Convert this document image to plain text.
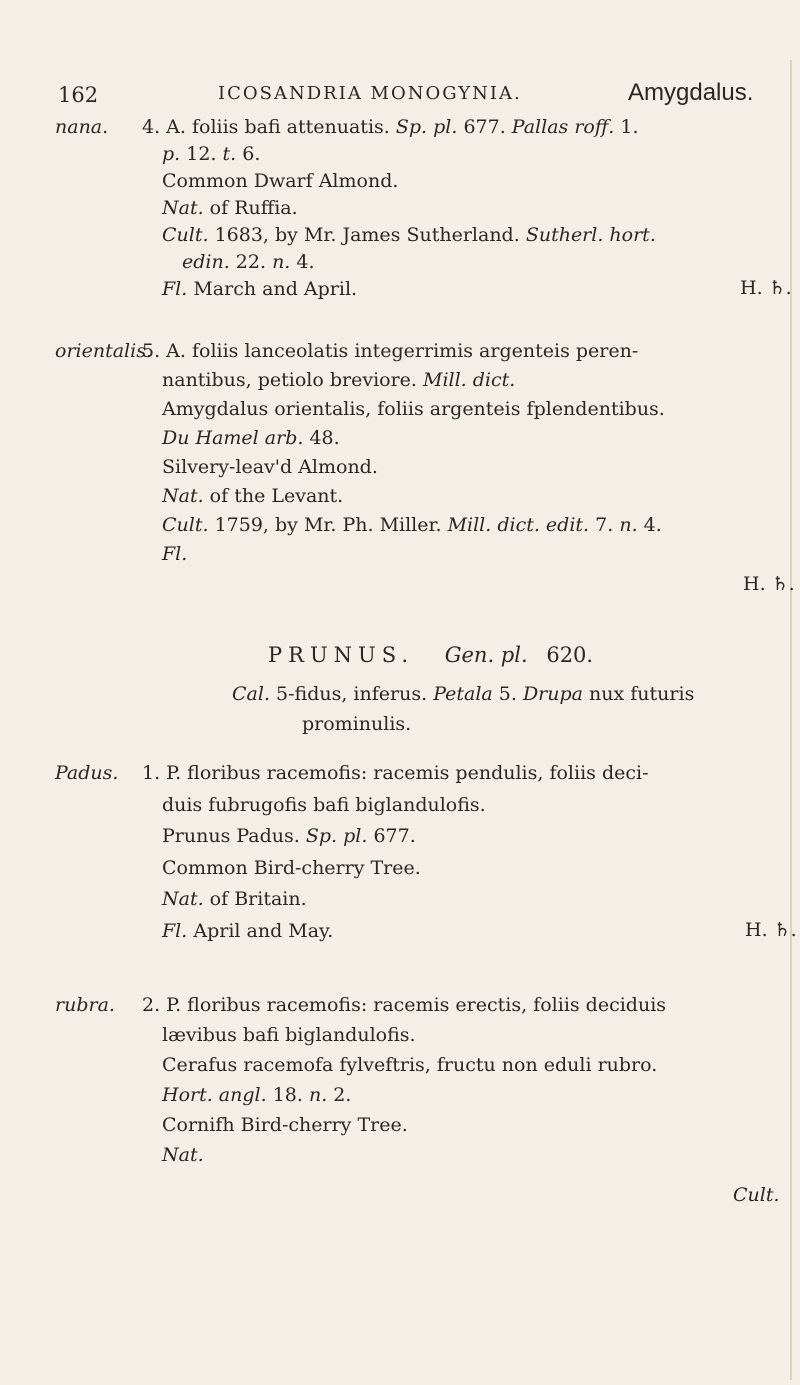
162	ICOSANDRIA MONOGYNIA.	Amygdalus.
nana. 4. A. foliis bafi attenuatis. Sp. pl. 677. Pallas roff. 1.
p. 12. t. 6.
Common Dwarf Almond.
Nat. of Ruffia.
Cult. 1683, by Mr. James Sutherland. Sutherl. hort.
edin. 22. n. 4.
Fl. March and April.	H. ♄.
orientalis.
5. A. foliis lanceolatis integerrimis argenteis peren-
nantibus, petiolo breviore. Mill. dict.
Amygdalus orientalis, foliis argenteis fplendentibus.
Du Hamel arb. 48.
Silvery-leav'd Almond.
Nat. of the Levant.
Cult. 1759, by Mr. Ph. Miller. Mill. dict. edit. 7. n. 4.
Fl.
H. ♄.
PRUNUS. Gen. pl. 620.
Cal. 5-fidus, inferus. Petala 5. Drupa nux futuris
prominulis.
Padus. 1. P. floribus racemofis: racemis pendulis, foliis deci-
duis fubrugofis bafi biglandulofis.
Prunus Padus. Sp. pl. 677.
Common Bird-cherry Tree.
Nat. of Britain.
Fl. April and May.	H. ♄.
rubra. 2. P. floribus racemofis: racemis erectis, foliis deciduis
lævibus bafi biglandulofis.
Cerafus racemofa fylveftris, fructu non eduli rubro.
Hort. angl. 18. n. 2.
Cornifh Bird-cherry Tree.
Nat.
Cult.
